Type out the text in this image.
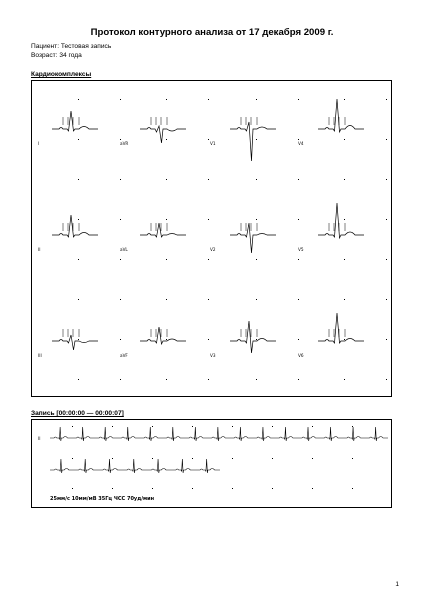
Протокол контурного анализа от 17 декабря 2009 г.
Пациент: Тестовая запись
Возраст: 34 года
Кардиокомплексы
I	aVR	V1	V4
II	aVL	V2	V5
III	aVF	V3	V6
Запись [00:00:00 — 00:00:07]
25мм/с 10мм/мВ 35Гц ЧСС 70уд/мин
II
1
